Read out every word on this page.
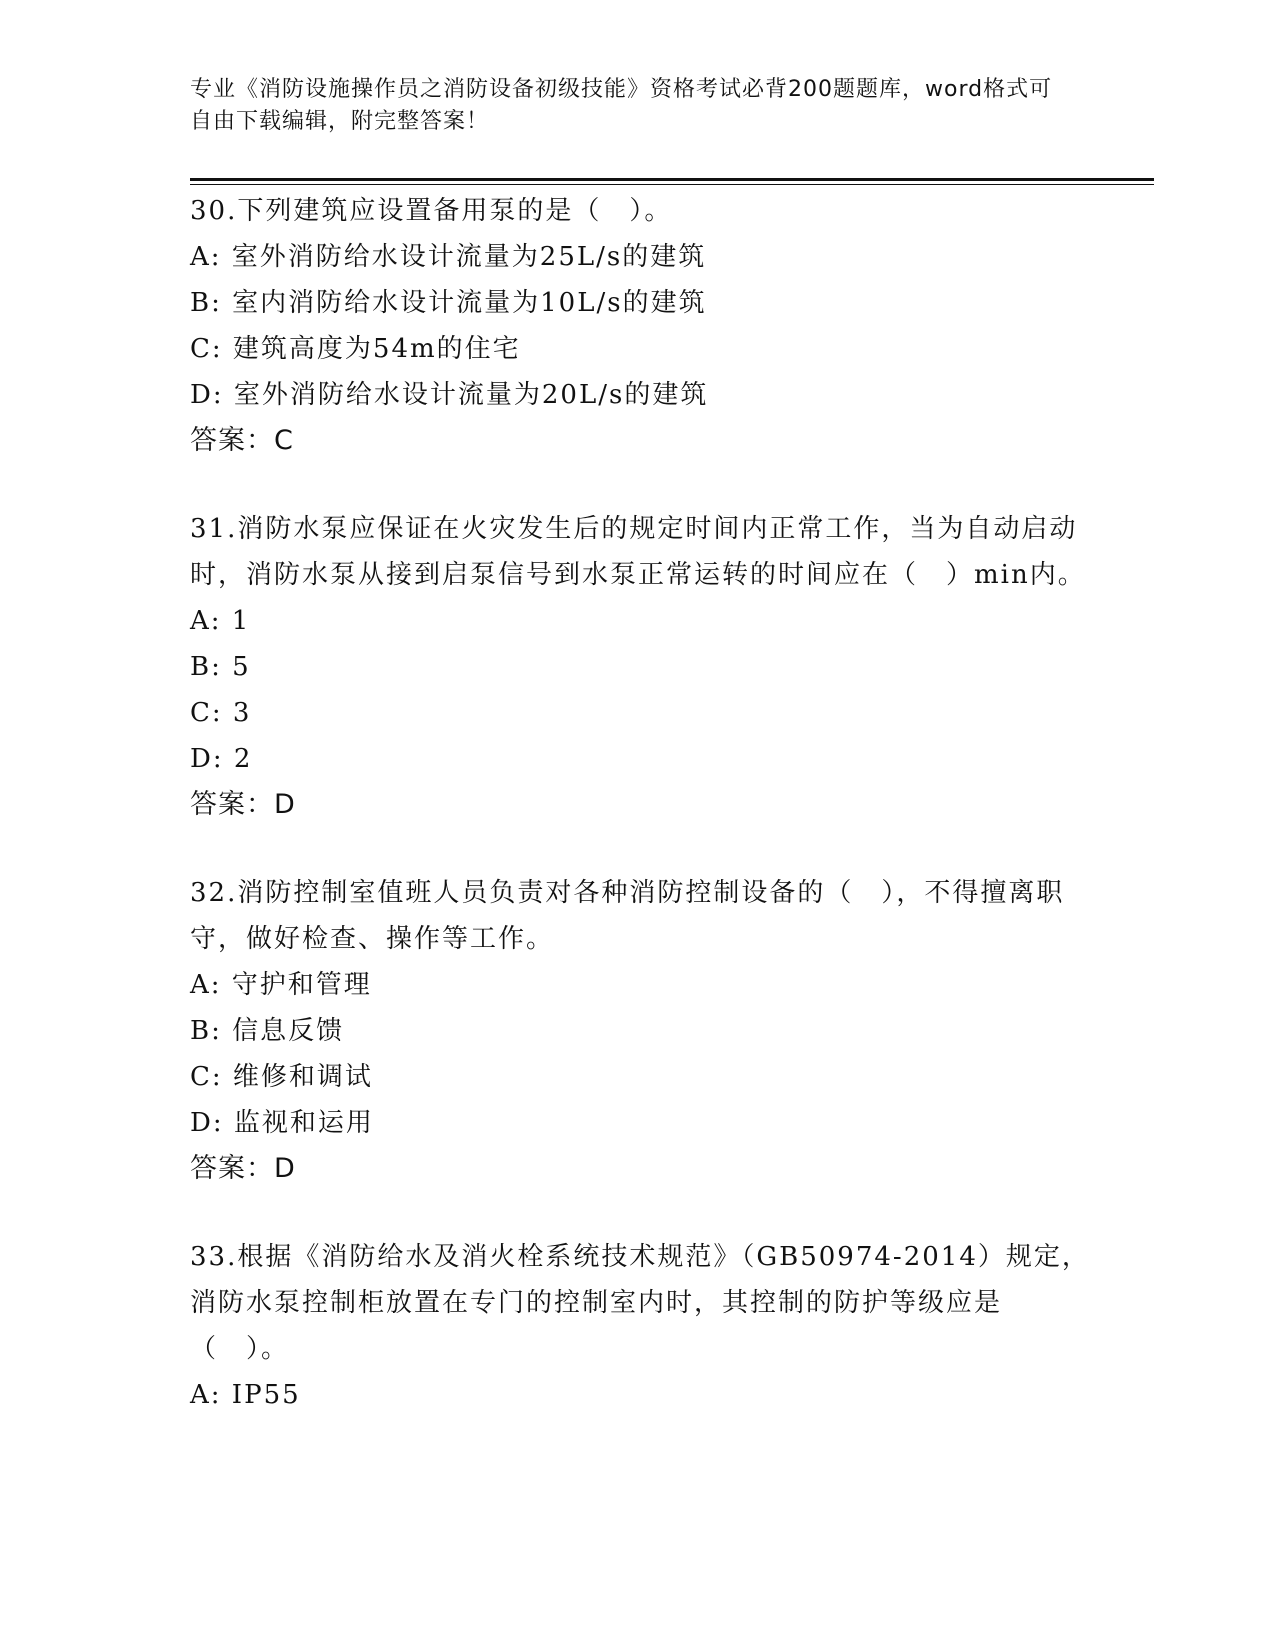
专业《消防设施操作员之消防设备初级技能》资格考试必背200题题库，word格式可自由下载编辑，附完整答案！
30.下列建筑应设置备用泵的是（　）。
A: 室外消防给水设计流量为25L/s的建筑
B: 室内消防给水设计流量为10L/s的建筑
C: 建筑高度为54m的住宅
D: 室外消防给水设计流量为20L/s的建筑
答案：C
31.消防水泵应保证在火灾发生后的规定时间内正常工作，当为自动启动时，消防水泵从接到启泵信号到水泵正常运转的时间应在（　）min内。
A: 1
B: 5
C: 3
D: 2
答案：D
32.消防控制室值班人员负责对各种消防控制设备的（　），不得擅离职守，做好检查、操作等工作。
A: 守护和管理
B: 信息反馈
C: 维修和调试
D: 监视和运用
答案：D
33.根据《消防给水及消火栓系统技术规范》（GB50974-2014）规定，消防水泵控制柜放置在专门的控制室内时，其控制的防护等级应是（　）。
A: IP55
